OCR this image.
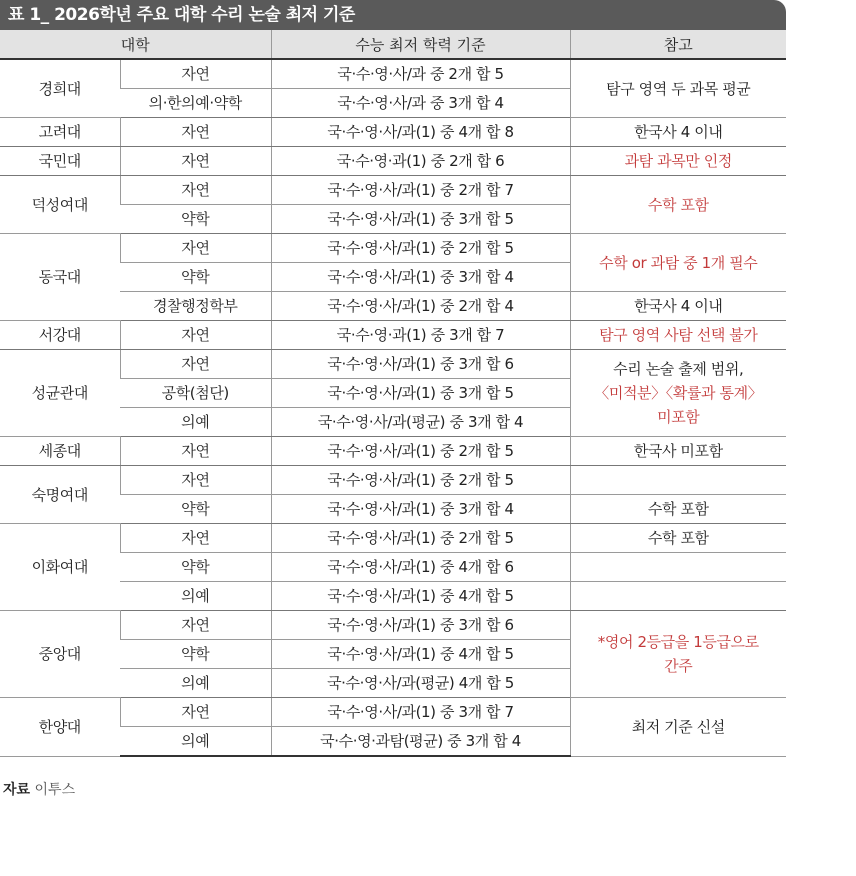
표 1_ 2026학년 주요 대학 수리 논술 최저 기준
대학		수능 최저 학력 기준	참고
경희대	자연	국·수·영·사/과 중 2개 합 5	탐구 영역 두 과목 평균
	의·한의예·약학	국·수·영·사/과 중 3개 합 4	
고려대	자연	국·수·영·사/과(1) 중 4개 합 8	한국사 4 이내
국민대	자연	국·수·영·과(1) 중 2개 합 6	과탐 과목만 인정
덕성여대	자연	국·수·영·사/과(1) 중 2개 합 7	수학 포함
	약학	국·수·영·사/과(1) 중 3개 합 5	
동국대	자연	국·수·영·사/과(1) 중 2개 합 5	수학 or 과탐 중 1개 필수
	약학	국·수·영·사/과(1) 중 3개 합 4	
	경찰행정학부	국·수·영·사/과(1) 중 2개 합 4	한국사 4 이내
서강대	자연	국·수·영·과(1) 중 3개 합 7	탐구 영역 사탐 선택 불가
성균관대	자연	국·수·영·사/과(1) 중 3개 합 6	수리 논술 출제 범위,
〈미적분〉〈확률과 통계〉
미포함

	공학(첨단)	국·수·영·사/과(1) 중 3개 합 5	
	의예	국·수·영·사/과(평균) 중 3개 합 4	
세종대	자연	국·수·영·사/과(1) 중 2개 합 5	한국사 미포함
숙명여대	자연	국·수·영·사/과(1) 중 2개 합 5	
	약학	국·수·영·사/과(1) 중 3개 합 4	수학 포함
이화여대	자연	국·수·영·사/과(1) 중 2개 합 5	수학 포함
	약학	국·수·영·사/과(1) 중 4개 합 6	
	의예	국·수·영·사/과(1) 중 4개 합 5	
중앙대	자연	국·수·영·사/과(1) 중 3개 합 6	*영어 2등급을 1등급으로
간주

	약학	국·수·영·사/과(1) 중 4개 합 5	
	의예	국·수·영·사/과(평균) 4개 합 5	
한양대	자연	국·수·영·사/과(1) 중 3개 합 7	최저 기준 신설
	의예	국·수·영·과탐(평균) 중 3개 합 4	
자료 이투스
